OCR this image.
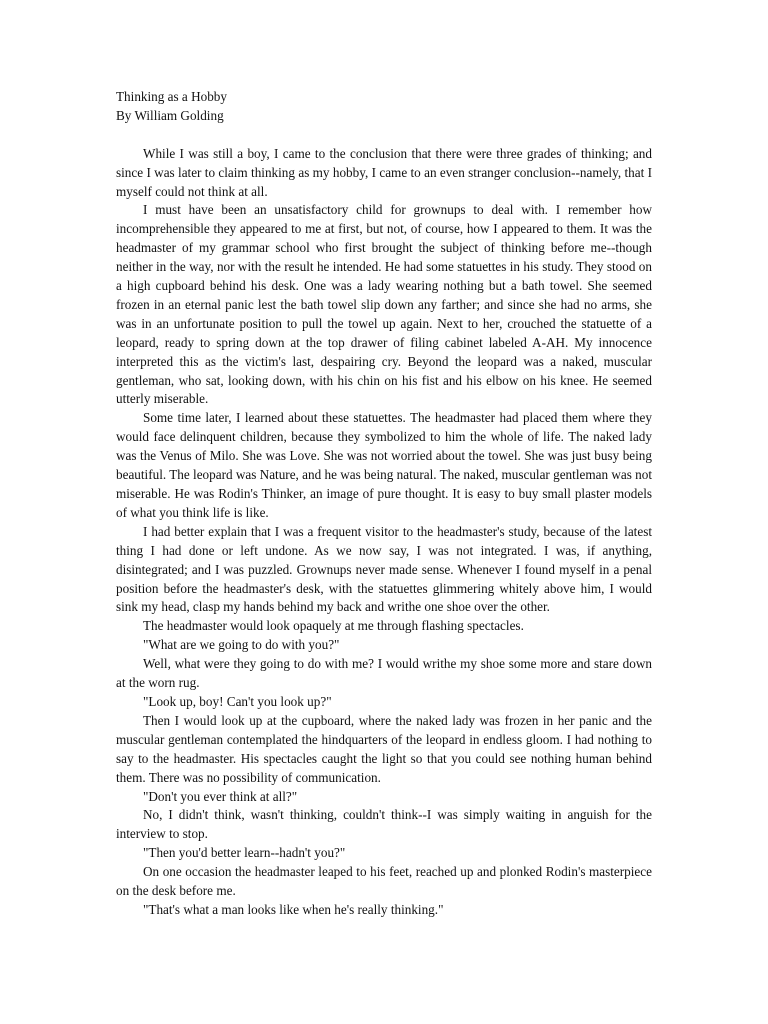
Thinking as a Hobby
By William Golding

While I was still a boy, I came to the conclusion that there were three grades of thinking; and since I was later to claim thinking as my hobby, I came to an even stranger conclusion--namely, that I myself could not think at all.

I must have been an unsatisfactory child for grownups to deal with. I remember how incomprehensible they appeared to me at first, but not, of course, how I appeared to them. It was the headmaster of my grammar school who first brought the subject of thinking before me--though neither in the way, nor with the result he intended. He had some statuettes in his study. They stood on a high cupboard behind his desk. One was a lady wearing nothing but a bath towel. She seemed frozen in an eternal panic lest the bath towel slip down any farther; and since she had no arms, she was in an unfortunate position to pull the towel up again. Next to her, crouched the statuette of a leopard, ready to spring down at the top drawer of filing cabinet labeled A-AH. My innocence interpreted this as the victim's last, despairing cry. Beyond the leopard was a naked, muscular gentleman, who sat, looking down, with his chin on his fist and his elbow on his knee. He seemed utterly miserable.

Some time later, I learned about these statuettes. The headmaster had placed them where they would face delinquent children, because they symbolized to him the whole of life. The naked lady was the Venus of Milo. She was Love. She was not worried about the towel. She was just busy being beautiful. The leopard was Nature, and he was being natural. The naked, muscular gentleman was not miserable. He was Rodin's Thinker, an image of pure thought. It is easy to buy small plaster models of what you think life is like.

I had better explain that I was a frequent visitor to the headmaster's study, because of the latest thing I had done or left undone. As we now say, I was not integrated. I was, if anything, disintegrated; and I was puzzled. Grownups never made sense. Whenever I found myself in a penal position before the headmaster's desk, with the statuettes glimmering whitely above him, I would sink my head, clasp my hands behind my back and writhe one shoe over the other.

The headmaster would look opaquely at me through flashing spectacles.

"What are we going to do with you?"

Well, what were they going to do with me? I would writhe my shoe some more and stare down at the worn rug.

"Look up, boy! Can't you look up?"

Then I would look up at the cupboard, where the naked lady was frozen in her panic and the muscular gentleman contemplated the hindquarters of the leopard in endless gloom. I had nothing to say to the headmaster. His spectacles caught the light so that you could see nothing human behind them. There was no possibility of communication.

"Don't you ever think at all?"

No, I didn't think, wasn't thinking, couldn't think--I was simply waiting in anguish for the interview to stop.

"Then you'd better learn--hadn't you?"

On one occasion the headmaster leaped to his feet, reached up and plonked Rodin's masterpiece on the desk before me.

"That's what a man looks like when he's really thinking."
